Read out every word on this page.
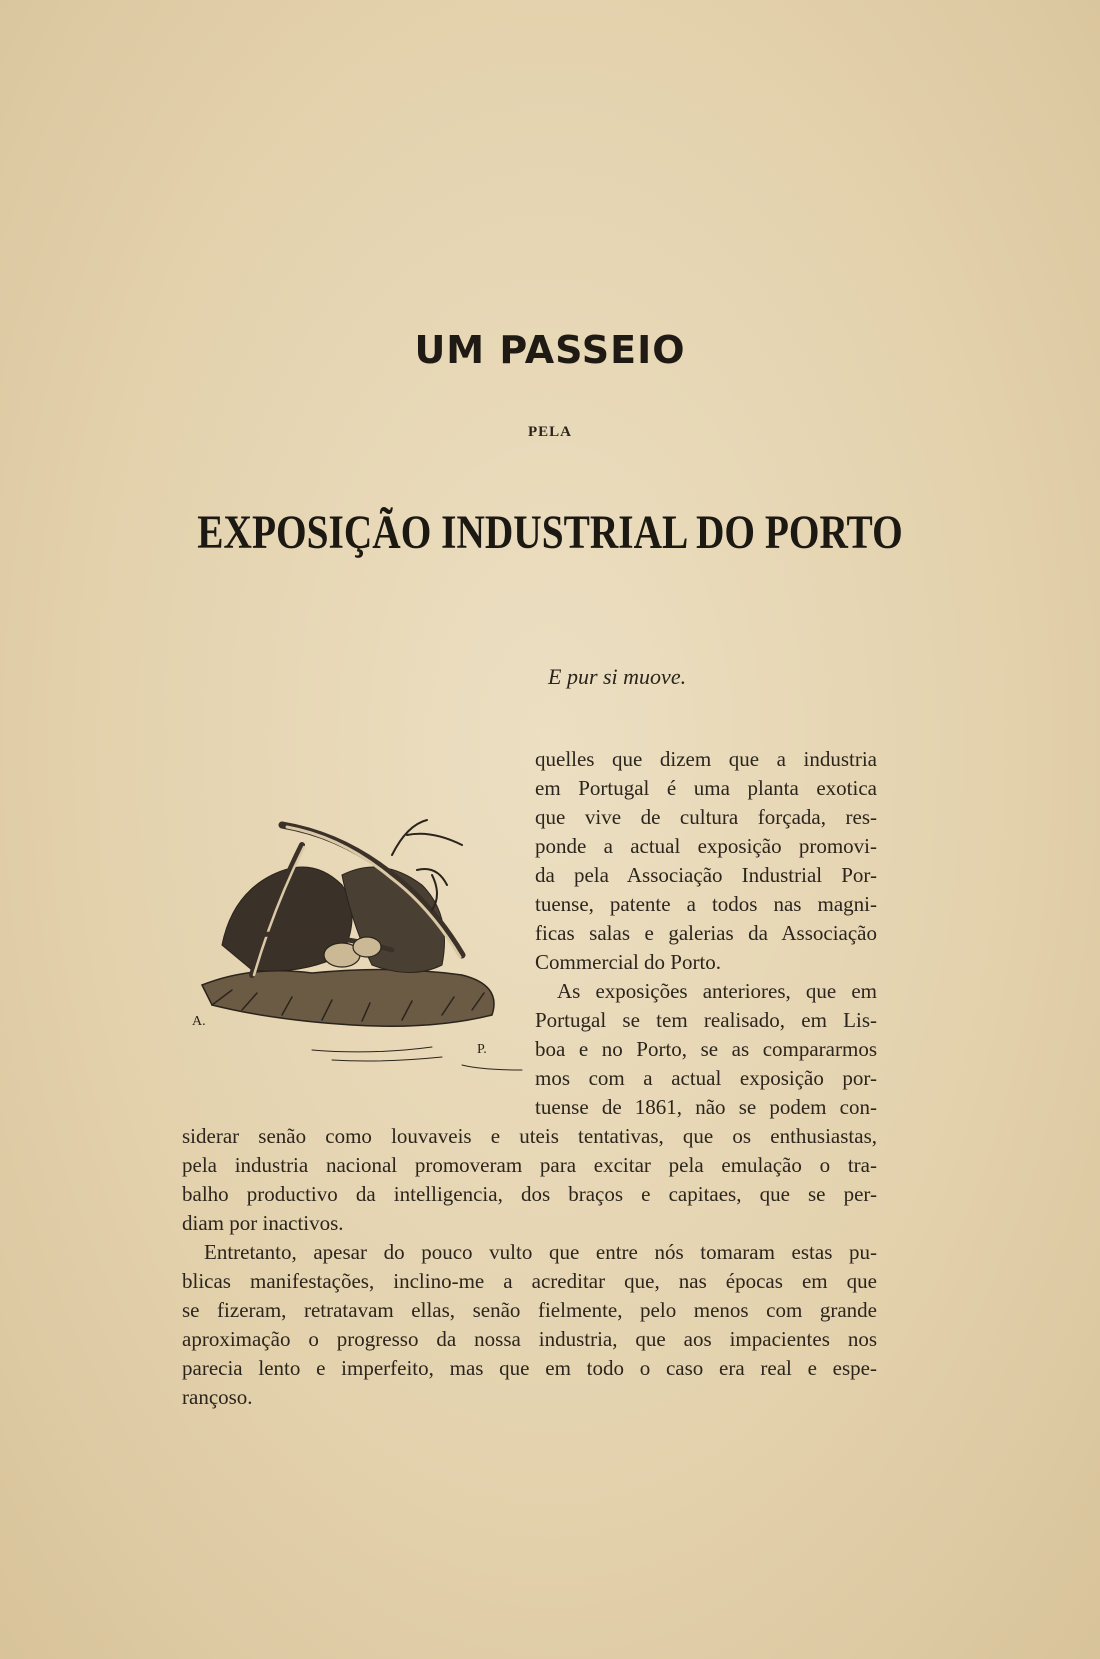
UM PASSEIO
PELA
EXPOSIÇÃO INDUSTRIAL DO PORTO
E pur si muove.
A.
P.
quelles que dizem que a industria
em Portugal é uma planta exotica
que vive de cultura forçada, res-
ponde a actual exposição promovi-
da pela Associação Industrial Por-
tuense, patente a todos nas magni-
ficas salas e galerias da Associação
Commercial do Porto.
As exposições anteriores, que em
Portugal se tem realisado, em Lis-
boa e no Porto, se as compararmos
mos com a actual exposição por-
tuense de 1861, não se podem con-
siderar senão como louvaveis e uteis tentativas, que os enthusiastas,
pela industria nacional promoveram para excitar pela emulação o tra-
balho productivo da intelligencia, dos braços e capitaes, que se per-
diam por inactivos.
Entretanto, apesar do pouco vulto que entre nós tomaram estas pu-
blicas manifestações, inclino-me a acreditar que, nas épocas em que
se fizeram, retratavam ellas, senão fielmente, pelo menos com grande
aproximação o progresso da nossa industria, que aos impacientes nos
parecia lento e imperfeito, mas que em todo o caso era real e espe-
rançoso.
